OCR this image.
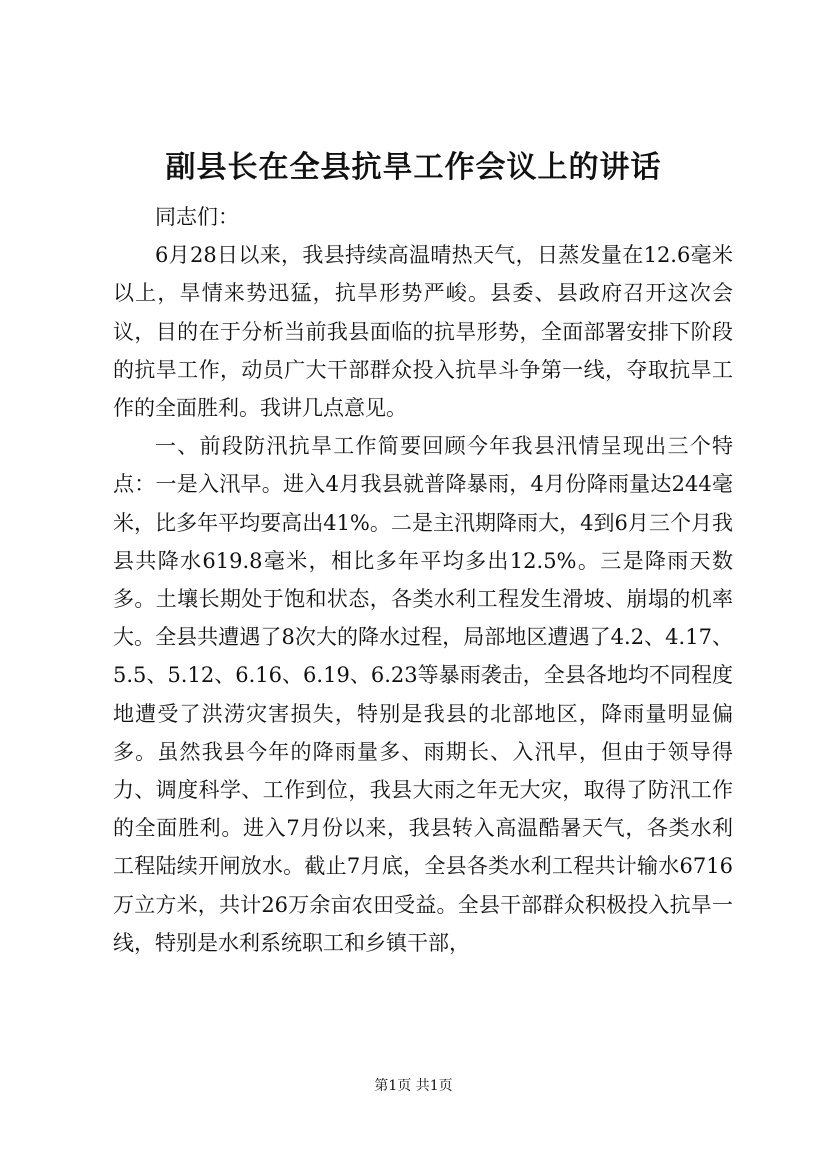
副县长在全县抗旱工作会议上的讲话

同志们：

6月28日以来，我县持续高温晴热天气，日蒸发量在12.6毫米以上，旱情来势迅猛，抗旱形势严峻。县委、县政府召开这次会议，目的在于分析当前我县面临的抗旱形势，全面部署安排下阶段的抗旱工作，动员广大干部群众投入抗旱斗争第一线，夺取抗旱工作的全面胜利。我讲几点意见。

一、前段防汛抗旱工作简要回顾今年我县汛情呈现出三个特点：一是入汛早。进入4月我县就普降暴雨，4月份降雨量达244毫米，比多年平均要高出41%。二是主汛期降雨大，4到6月三个月我县共降水619.8毫米，相比多年平均多出12.5%。三是降雨天数多。土壤长期处于饱和状态，各类水利工程发生滑坡、崩塌的机率大。全县共遭遇了8次大的降水过程，局部地区遭遇了4.2、4.17、5.5、5.12、6.16、6.19、6.23等暴雨袭击，全县各地均不同程度地遭受了洪涝灾害损失，特别是我县的北部地区，降雨量明显偏多。虽然我县今年的降雨量多、雨期长、入汛早，但由于领导得力、调度科学、工作到位，我县大雨之年无大灾，取得了防汛工作的全面胜利。进入7月份以来，我县转入高温酷暑天气，各类水利工程陆续开闸放水。截止7月底，全县各类水利工程共计输水6716万立方米，共计26万余亩农田受益。全县干部群众积极投入抗旱一线，特别是水利系统职工和乡镇干部，

第1页 共1页
